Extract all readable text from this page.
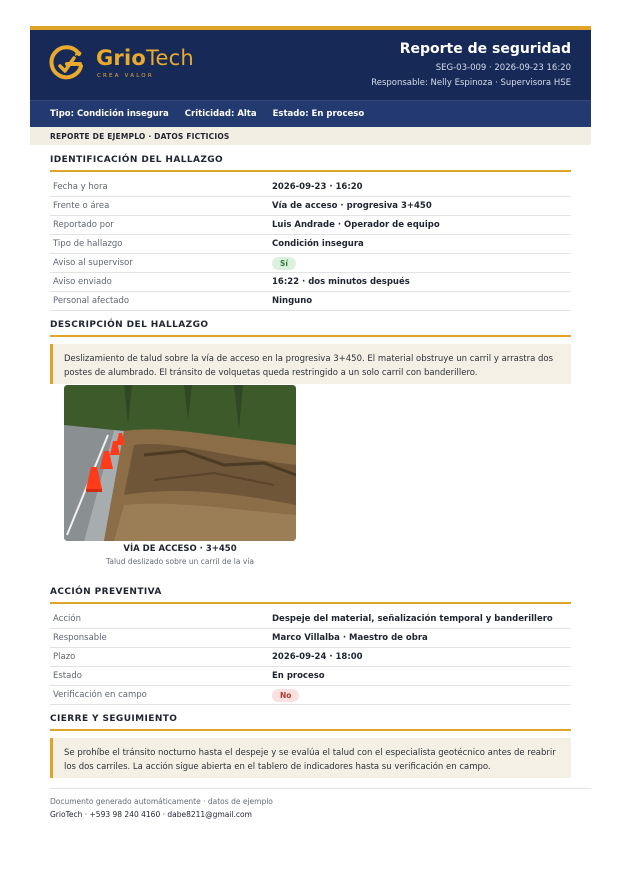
GrioTech
CREA VALOR
Reporte de seguridad
SEG-03-009 · 2026-09-23 16:20
Responsable: Nelly Espinoza · Supervisora HSE
Tipo: Condición insegura Criticidad: Alta Estado: En proceso
REPORTE DE EJEMPLO · DATOS FICTICIOS
IDENTIFICACIÓN DEL HALLAZGO
Fecha y hora	2026-09-23 · 16:20
Frente o área	Vía de acceso · progresiva 3+450
Reportado por	Luis Andrade · Operador de equipo
Tipo de hallazgo	Condición insegura
Aviso al supervisor	Sí
Aviso enviado	16:22 · dos minutos después
Personal afectado	Ninguno
DESCRIPCIÓN DEL HALLAZGO
Deslizamiento de talud sobre la vía de acceso en la progresiva 3+450. El material obstruye un carril y arrastra dos postes de alumbrado. El tránsito de volquetas queda restringido a un solo carril con banderillero.
VÍA DE ACCESO · 3+450
Talud deslizado sobre un carril de la vía
ACCIÓN PREVENTIVA
Acción	Despeje del material, señalización temporal y banderillero
Responsable	Marco Villalba · Maestro de obra
Plazo	2026-09-24 · 18:00
Estado	En proceso
Verificación en campo	No
CIERRE Y SEGUIMIENTO
Se prohíbe el tránsito nocturno hasta el despeje y se evalúa el talud con el especialista geotécnico antes de reabrir los dos carriles. La acción sigue abierta en el tablero de indicadores hasta su verificación en campo.
Documento generado automáticamente · datos de ejemplo
GrioTech · +593 98 240 4160 · dabe8211@gmail.com
